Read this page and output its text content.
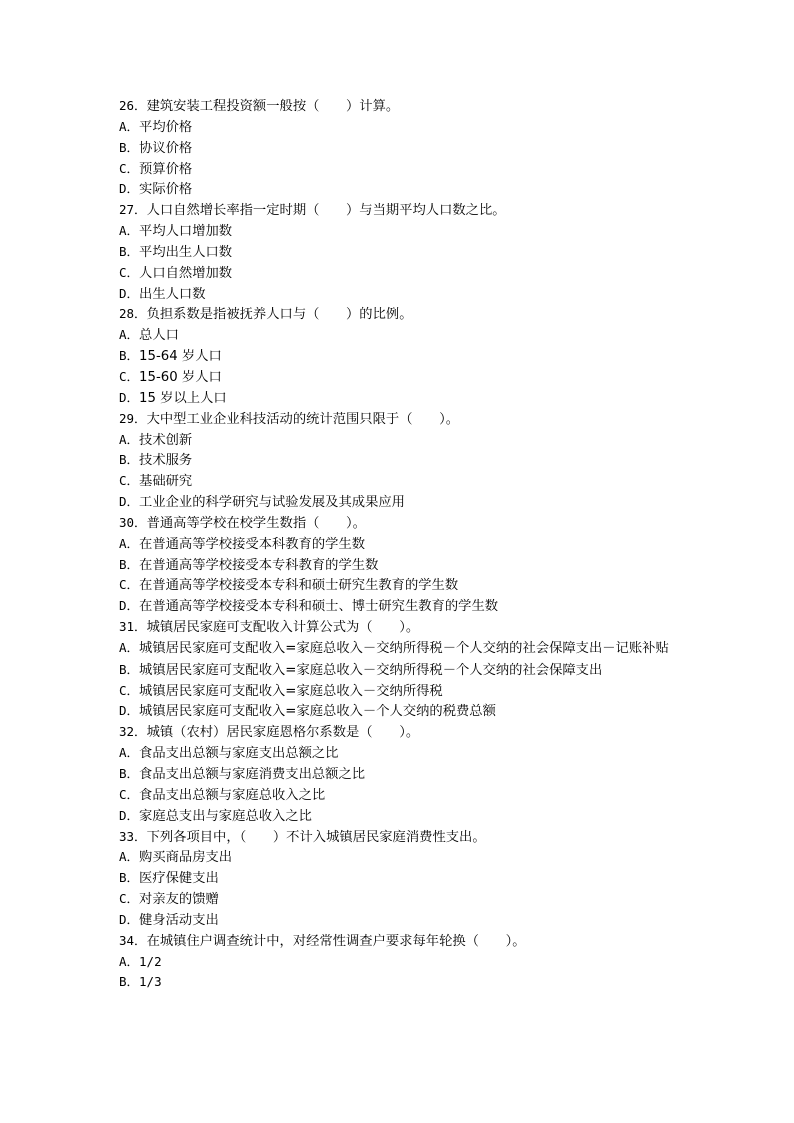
26．建筑安装工程投资额一般按（　　）计算。
A．平均价格
B．协议价格
C．预算价格
D．实际价格
27．人口自然增长率指一定时期（　　）与当期平均人口数之比。
A．平均人口增加数
B．平均出生人口数
C．人口自然增加数
D．出生人口数
28．负担系数是指被抚养人口与（　　）的比例。
A．总人口
B．15-64 岁人口
C．15-60 岁人口
D．15 岁以上人口
29．大中型工业企业科技活动的统计范围只限于（　　）。
A．技术创新
B．技术服务
C．基础研究
D．工业企业的科学研究与试验发展及其成果应用
30．普通高等学校在校学生数指（　　）。
A．在普通高等学校接受本科教育的学生数
B．在普通高等学校接受本专科教育的学生数
C．在普通高等学校接受本专科和硕士研究生教育的学生数
D．在普通高等学校接受本专科和硕士、博士研究生教育的学生数
31．城镇居民家庭可支配收入计算公式为（　　）。
A．城镇居民家庭可支配收入=家庭总收入－交纳所得税－个人交纳的社会保障支出－记账补贴
B．城镇居民家庭可支配收入=家庭总收入－交纳所得税－个人交纳的社会保障支出
C．城镇居民家庭可支配收入=家庭总收入－交纳所得税
D．城镇居民家庭可支配收入=家庭总收入－个人交纳的税费总额
32．城镇（农村）居民家庭恩格尔系数是（　　）。
A．食品支出总额与家庭支出总额之比
B．食品支出总额与家庭消费支出总额之比
C．食品支出总额与家庭总收入之比
D．家庭总支出与家庭总收入之比
33．下列各项目中，（　　）不计入城镇居民家庭消费性支出。
A．购买商品房支出
B．医疗保健支出
C．对亲友的馈赠
D．健身活动支出
34．在城镇住户调查统计中，对经常性调查户要求每年轮换（　　）。
A．1/2
B．1/3
